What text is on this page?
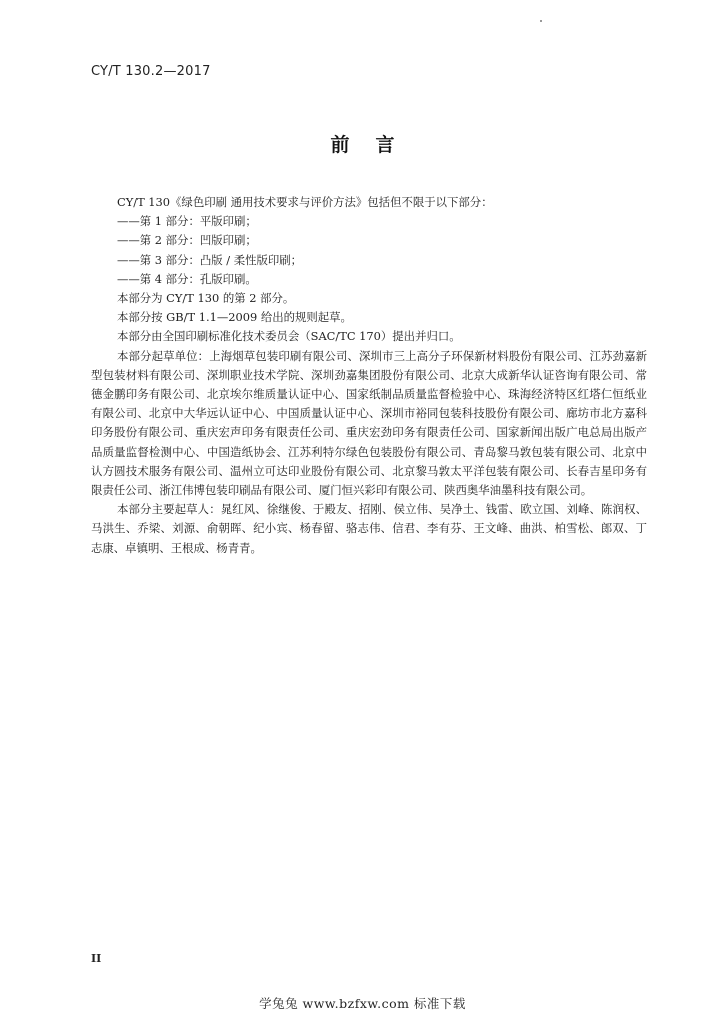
CY/T 130.2—2017
前言

CY/T 130《绿色印刷 通用技术要求与评价方法》包括但不限于以下部分：

——第 1 部分：平版印刷；

——第 2 部分：凹版印刷；

——第 3 部分：凸版 / 柔性版印刷；

——第 4 部分：孔版印刷。

本部分为 CY/T 130 的第 2 部分。

本部分按 GB/T 1.1—2009 给出的规则起草。

本部分由全国印刷标准化技术委员会（SAC/TC 170）提出并归口。

本部分起草单位：上海烟草包装印刷有限公司、深圳市三上高分子环保新材料股份有限公司、江苏劲嘉新型包装材料有限公司、深圳职业技术学院、深圳劲嘉集团股份有限公司、北京大成新华认证咨询有限公司、常德金鹏印务有限公司、北京埃尔维质量认证中心、国家纸制品质量监督检验中心、珠海经济特区红塔仁恒纸业有限公司、北京中大华远认证中心、中国质量认证中心、深圳市裕同包装科技股份有限公司、廊坊市北方嘉科印务股份有限公司、重庆宏声印务有限责任公司、重庆宏劲印务有限责任公司、国家新闻出版广电总局出版产品质量监督检测中心、中国造纸协会、江苏利特尔绿色包装股份有限公司、青岛黎马敦包装有限公司、北京中认方圆技术服务有限公司、温州立可达印业股份有限公司、北京黎马敦太平洋包装有限公司、长春吉星印务有限责任公司、浙江伟博包装印刷品有限公司、厦门恒兴彩印有限公司、陕西奥华油墨科技有限公司。

本部分主要起草人：晁红风、徐继俊、于殿友、招刚、侯立伟、吴净土、钱雷、欧立国、刘峰、陈润权、马洪生、乔梁、刘源、俞朝晖、纪小宾、杨春留、骆志伟、信君、李有芬、王文峰、曲洪、柏雪松、郎双、丁志康、卓镇明、王根成、杨青青。

II
学兔兔 www.bzfxw.com 标准下载
